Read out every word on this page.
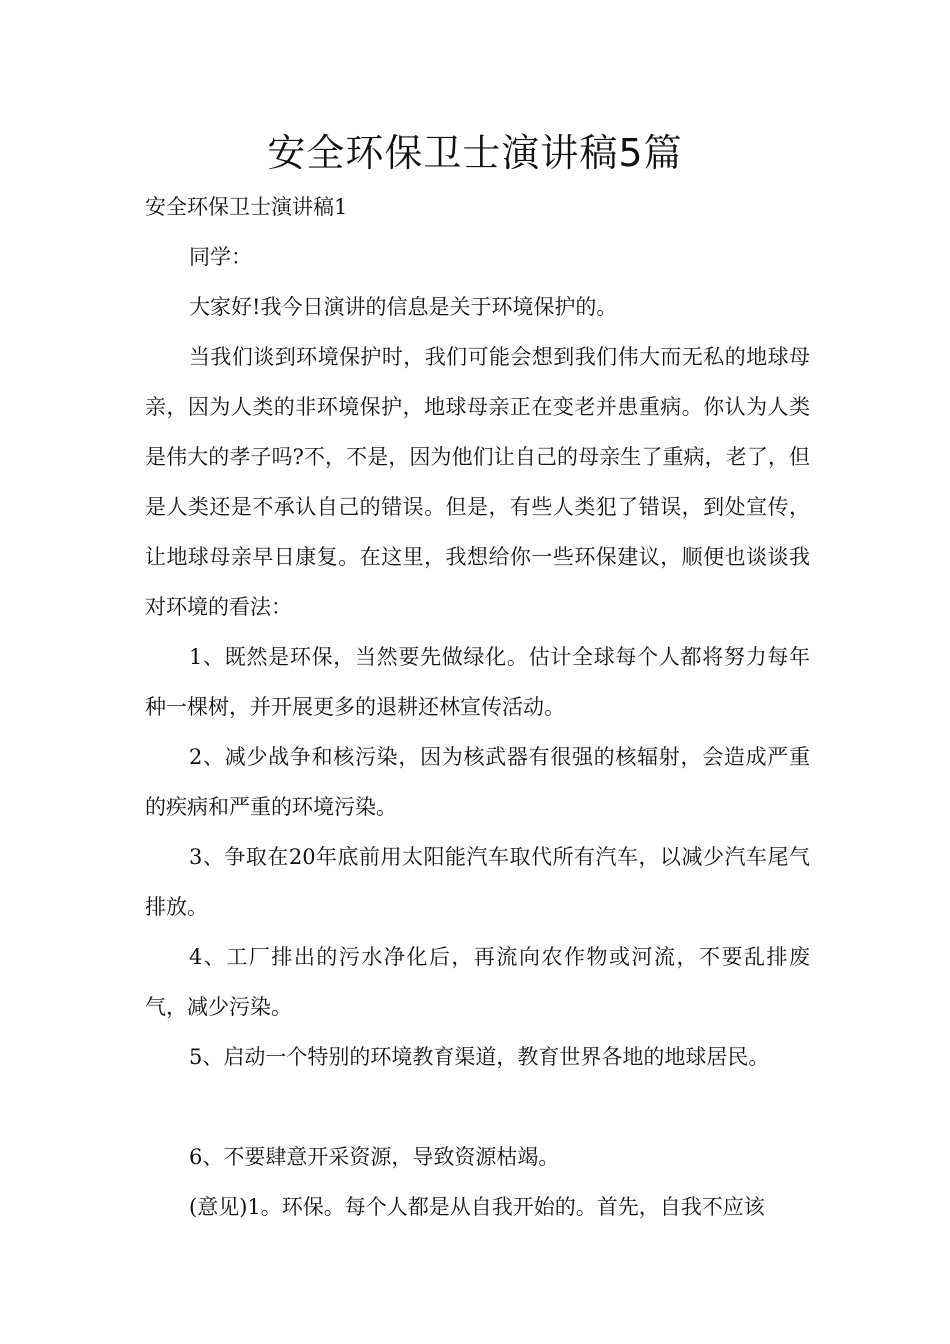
安全环保卫士演讲稿5篇

安全环保卫士演讲稿1

同学：

大家好!我今日演讲的信息是关于环境保护的。

当我们谈到环境保护时，我们可能会想到我们伟大而无私的地球母亲，因为人类的非环境保护，地球母亲正在变老并患重病。你认为人类是伟大的孝子吗?不，不是，因为他们让自己的母亲生了重病，老了，但是人类还是不承认自己的错误。但是，有些人类犯了错误，到处宣传，让地球母亲早日康复。在这里，我想给你一些环保建议，顺便也谈谈我对环境的看法：

1、既然是环保，当然要先做绿化。估计全球每个人都将努力每年种一棵树，并开展更多的退耕还林宣传活动。

2、减少战争和核污染，因为核武器有很强的核辐射，会造成严重的疾病和严重的环境污染。

3、争取在20年底前用太阳能汽车取代所有汽车，以减少汽车尾气排放。

4、工厂排出的污水净化后，再流向农作物或河流，不要乱排废气，减少污染。

5、启动一个特别的环境教育渠道，教育世界各地的地球居民。

6、不要肆意开采资源，导致资源枯竭。

(意见)1。环保。每个人都是从自我开始的。首先，自我不应该
